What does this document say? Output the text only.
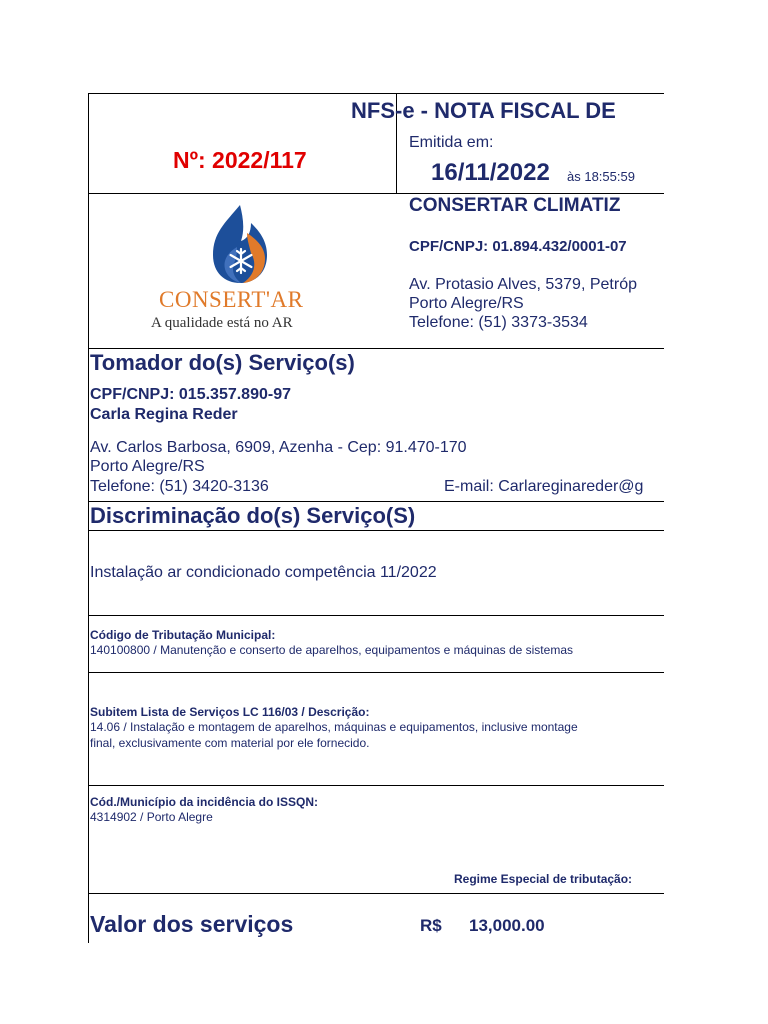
NFS-e - NOTA FISCAL DE
Nº: 2022/117
Emitida em:
16/11/2022 às 18:55:59
CONSERT'AR
A qualidade está no AR
CONSERTAR CLIMATIZ
CPF/CNPJ: 01.894.432/0001-07
Av. Protasio Alves, 5379, Petróp
Porto Alegre/RS
Telefone: (51) 3373-3534
Tomador do(s) Serviço(s)
CPF/CNPJ: 015.357.890-97
Carla Regina Reder
Av. Carlos Barbosa, 6909, Azenha - Cep: 91.470-170
Porto Alegre/RS
Telefone: (51) 3420-3136	E-mail: Carlareginareder@g
Discriminação do(s) Serviço(S)
Instalação ar condicionado competência 11/2022
Código de Tributação Municipal:
140100800 / Manutenção e conserto de aparelhos, equipamentos e máquinas de sistemas
Subitem Lista de Serviços LC 116/03 / Descrição:
14.06 / Instalação e montagem de aparelhos, máquinas e equipamentos, inclusive montage
final, exclusivamente com material por ele fornecido.
Cód./Município da incidência do ISSQN:
4314902 / Porto Alegre
Regime Especial de tributação:
Valor dos serviços	R$ 13,000.00
